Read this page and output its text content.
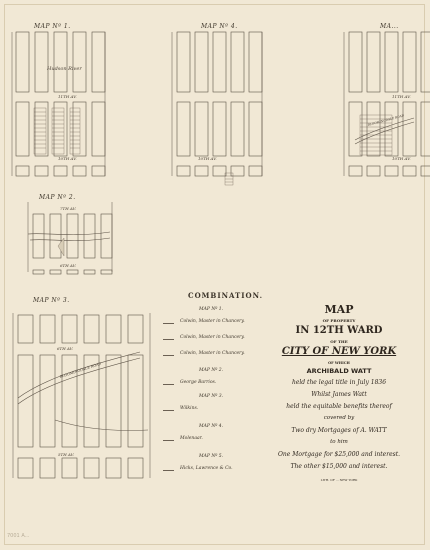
MAP Nº 1.	MAP Nº 4.	MA...
MAP Nº 2.
MAP Nº 3.
Hudson River
11TH AV.
10TH AV.	10TH AV.
11TH AV.
10TH AV.
BLOOMINGDALE ROAD
7TH AV.
6TH AV.
6TH AV.
5TH AV.
BLOOMINGDALE ROAD
COMBINATION.
MAP Nº 1.
Colwin, Master in Chancery.
Colwin, Master in Chancery.
Colwin, Master in Chancery.
MAP Nº 2.
George Barrios.
MAP Nº 3.
Wilkins.
MAP Nº 4.
Molenaar.
MAP Nº 5.
Hicks, Lawrence & Co.
MAP
OF PROPERTY
IN 12TH WARD
OF THE
CITY OF NEW YORK
OF WHICH
ARCHIBALD WATT
held the legal title in July 1836
Whilst James Watt
held the equitable benefits thereof
covered by
Two dry Mortgages of A. WATT
to him
One Mortgage for $25,000 and interest.
The other $15,000 and interest.
LITH. OF ... NEW YORK
7001 A...
